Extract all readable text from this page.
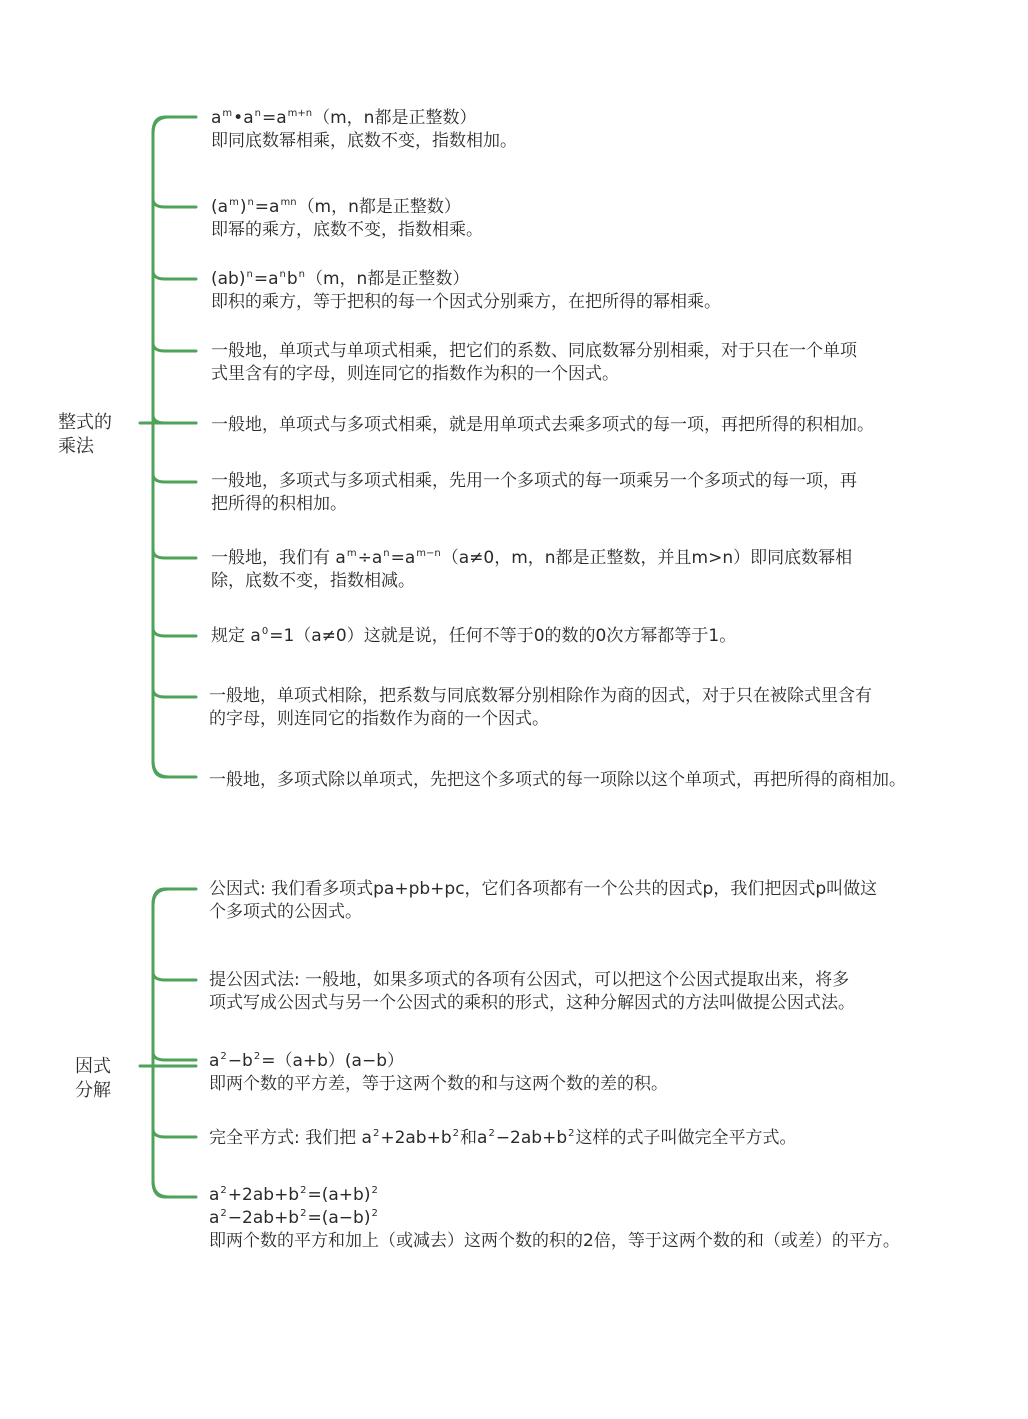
整式的
乘法
$a^m•a^n=a^{m+n}(m$，n都是正整数）
即同底数幂相乘，底数不变，指数相加。
$(a^m)^n=a^{mn}(m$，n都是正整数）
即幂的乘方，底数不变，指数相乘。
$(ab)^n=a^nb^n(m$，n都是正整数）
即积的乘方，等于把积的每一个因式分别乘方，在把所得的幂相乘。
一般地，单项式与单项式相乘，把它们的系数、同底数幂分别相乘，对于只在一个单项
式里含有的字母，则连同它的指数作为积的一个因式。
一般地，单项式与多项式相乘，就是用单项式去乘多项式的每一项，再把所得的积相加。
一般地，多项式与多项式相乘，先用一个多项式的每一项乘另一个多项式的每一项，再
把所得的积相加。
一般地，我们有 $a^m\div a^n=a^{m-n}(a\ne 0$，m，n都是正整数，并且m>n）即同底数幂相
除，底数不变，指数相减。
规定 $a^0=1(a\ne 0)$这就是说，任何不等于0的数的0次方幂都等于1。
一般地，单项式相除，把系数与同底数幂分别相除作为商的因式，对于只在被除式里含有
的字母，则连同它的指数作为商的一个因式。
一般地，多项式除以单项式，先把这个多项式的每一项除以这个单项式，再把所得的商相加。
因式
分解
公因式: 我们看多项式pa+pb+pc，它们各项都有一个公共的因式p，我们把因式p叫做这
个多项式的公因式。
提公因式法: 一般地，如果多项式的各项有公因式，可以把这个公因式提取出来，将多
项式写成公因式与另一个公因式的乘积的形式，这种分解因式的方法叫做提公因式法。
$a^2-b^2=(a+b)(a-b)$
即两个数的平方差，等于这两个数的和与这两个数的差的积。
完全平方式: 我们把 $a^2+2ab+b^2$和$a^2-2ab+b^2$这样的式子叫做完全平方式。
$a^2+2ab+b^2=(a+b)^2$
$a^2-2ab+b^2=(a-b)^2$
即两个数的平方和加上（或减去）这两个数的积的2倍，等于这两个数的和（或差）的平方。
